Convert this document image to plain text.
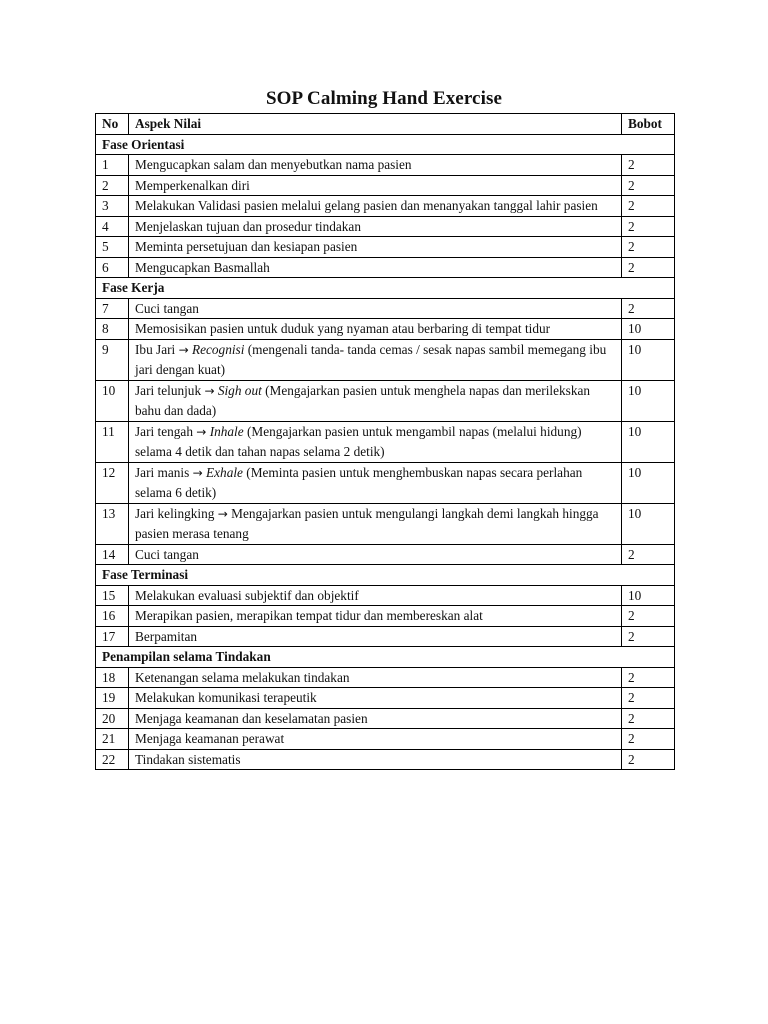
SOP Calming Hand Exercise
No	Aspek Nilai	Bobot
Fase Orientasi		
1	Mengucapkan salam dan menyebutkan nama pasien	2
2	Memperkenalkan diri	2
3	Melakukan Validasi pasien melalui gelang pasien dan menanyakan tanggal lahir pasien	2
4	Menjelaskan tujuan dan prosedur tindakan	2
5	Meminta persetujuan dan kesiapan pasien	2
6	Mengucapkan Basmallah	2
Fase Kerja		
7	Cuci tangan	2
8	Memosisikan pasien untuk duduk yang nyaman atau berbaring di tempat tidur	10
9	Ibu Jari → Recognisi (mengenali tanda- tanda cemas / sesak napas sambil memegang ibu jari dengan kuat)	10
10	Jari telunjuk → Sigh out (Mengajarkan pasien untuk menghela napas dan merilekskan bahu dan dada)	10
11	Jari tengah → Inhale (Mengajarkan pasien untuk mengambil napas (melalui hidung) selama 4 detik dan tahan napas selama 2 detik)	10
12	Jari manis → Exhale (Meminta pasien untuk menghembuskan napas secara perlahan selama 6 detik)	10
13	Jari kelingking → Mengajarkan pasien untuk mengulangi langkah demi langkah hingga pasien merasa tenang	10
14	Cuci tangan	2
Fase Terminasi		
15	Melakukan evaluasi subjektif dan objektif	10
16	Merapikan pasien, merapikan tempat tidur dan membereskan alat	2
17	Berpamitan	2
Penampilan selama Tindakan		
18	Ketenangan selama melakukan tindakan	2
19	Melakukan komunikasi terapeutik	2
20	Menjaga keamanan dan keselamatan pasien	2
21	Menjaga keamanan perawat	2
22	Tindakan sistematis	2
